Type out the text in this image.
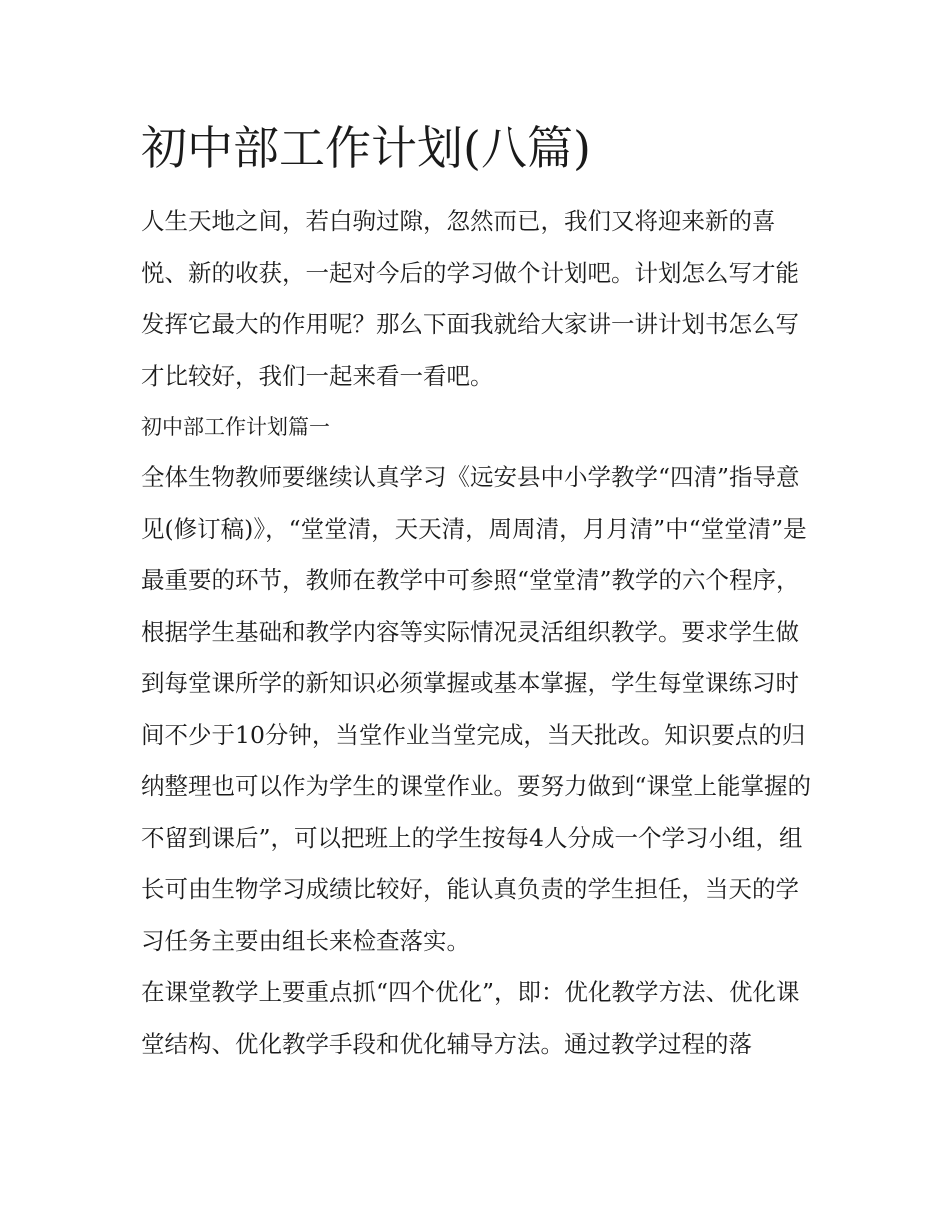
初中部工作计划(八篇)

人生天地之间，若白驹过隙，忽然而已，我们又将迎来新的喜悦、新的收获，一起对今后的学习做个计划吧。计划怎么写才能发挥它最大的作用呢？那么下面我就给大家讲一讲计划书怎么写才比较好，我们一起来看一看吧。

初中部工作计划篇一

全体生物教师要继续认真学习《远安县中小学教学“四清”指导意见(修订稿)》，“堂堂清，天天清，周周清，月月清”中“堂堂清”是最重要的环节，教师在教学中可参照“堂堂清”教学的六个程序，根据学生基础和教学内容等实际情况灵活组织教学。要求学生做到每堂课所学的新知识必须掌握或基本掌握，学生每堂课练习时间不少于10分钟，当堂作业当堂完成，当天批改。知识要点的归纳整理也可以作为学生的课堂作业。要努力做到“课堂上能掌握的不留到课后”，可以把班上的学生按每4人分成一个学习小组，组长可由生物学习成绩比较好，能认真负责的学生担任，当天的学习任务主要由组长来检查落实。

在课堂教学上要重点抓“四个优化”，即：优化教学方法、优化课堂结构、优化教学手段和优化辅导方法。通过教学过程的落
